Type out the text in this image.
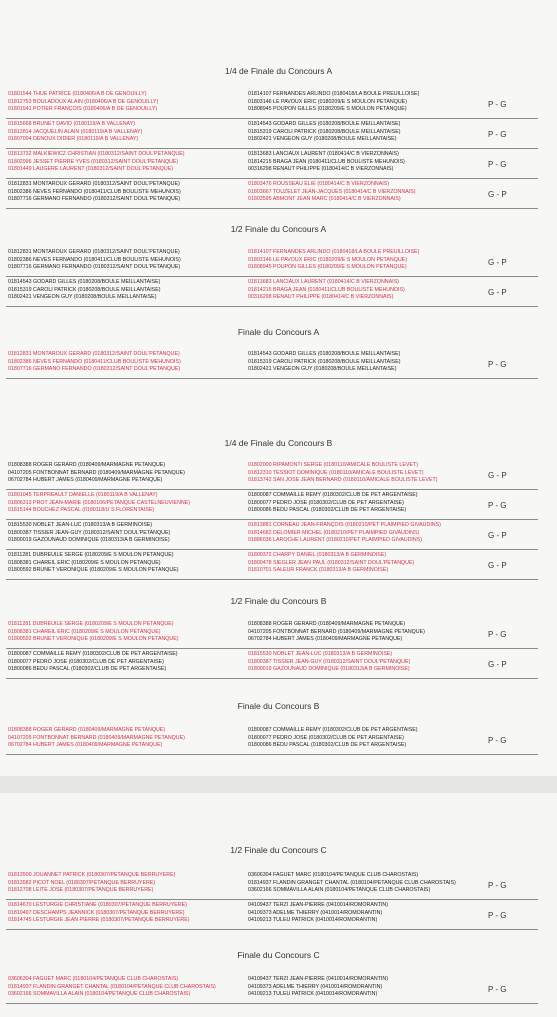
1/4 de Finale du Concours A
01801544 THUE PATRICE (0180406/A B DE GENOUILLY)
01812753 BOULADOUX ALAIN (0180406/A B DE GENOUILLY)
01801541 POTIER FRANÇOIS (0180406/A B DE GENOUILLY)
01814107 FERNANDES ARLINDO (0180418/LA BOULE PREUILLOISE)
01803146 LE PAVOUX ERIC (0180209/E S MOULON PETANQUE)
01808945 POUPON GILLES (0180209/E S MOULON PETANQUE)	P - G
01815668 BRUNET DAVID (0180119/A B VALLENAY)
01812814 JACQUELIN ALAIN (0180119/A B VALLENAY)
01807004 DENOUX DIDIER (0180119/A B VALLENAY)
01814543 GODARD GILLES (0180208/BOULE MEILLANTAISE)
01815319 CAROLI PATRICK (0180208/BOULE MEILLANTAISE)
01802421 VENGEON GUY (0180208/BOULE MEILLANTAISE)	P - G
01813732 MALKIEWICZ CHRISTIAN (0180312/SAINT DOUL'PETANQUE)
01802996 JESSET PIERRE YVES (0180312/SAINT DOUL'PETANQUE)
01801449 LAUGERE LAURENT (0180312/SAINT DOUL'PETANQUE)
01813683 LANCIAUX LAURENT (0180414/C B VIERZONNAIS)
01814215 BRAGA JEAN (0180411/CLUB BOULISTE MEHUNOIS)
00316298 RENAUT PHILIPPE (0180414/C B VIERZONNAIS)	P - G
01812831 MONTAROUX GÉRARD (0180312/SAINT DOUL'PETANQUE)
01802386 NEVES FERNANDO (0180411/CLUB BOULISTE MEHUNOIS)
01807716 GERMANO FERNANDO (0180312/SAINT DOUL'PETANQUE)
01803476 ROUSSEAU ELIE (0180414/C B VIERZONNAIS)
01803667 TOUZELET JEAN-JACQUES (0180414/C B VIERZONNAIS)
01803595 ABMONT JEAN MARC (0180414/C B VIERZONNAIS)	G - P
1/2 Finale du Concours A
01812831 MONTAROUX GÉRARD (0180312/SAINT DOUL'PETANQUE)
01802386 NEVES FERNANDO (0180411/CLUB BOULISTE MEHUNOIS)
01807716 GERMANO FERNANDO (0180312/SAINT DOUL'PETANQUE)
01814107 FERNANDES ARLINDO (0180418/LA BOULE PREUILLOISE)
01803146 LE PAVOUX ERIC (0180209/E S MOULON PETANQUE)
01808945 POUPON GILLES (0180209/E S MOULON PETANQUE)	G - P
01814543 GODARD GILLES (0180208/BOULE MEILLANTAISE)
01815319 CAROLI PATRICK (0180208/BOULE MEILLANTAISE)
01802421 VENGEON GUY (0180208/BOULE MEILLANTAISE)
01813683 LANCIAUX LAURENT (0180414/C B VIERZONNAIS)
01814215 BRAGA JEAN (0180411/CLUB BOULISTE MEHUNOIS)
00316298 RENAUT PHILIPPE (0180414/C B VIERZONNAIS)	G - P
Finale du Concours A
01812831 MONTAROUX GÉRARD (0180312/SAINT DOUL'PETANQUE)
01802386 NEVES FERNANDO (0180411/CLUB BOULISTE MEHUNOIS)
01807716 GERMANO FERNANDO (0180312/SAINT DOUL'PETANQUE)
01814543 GODARD GILLES (0180208/BOULE MEILLANTAISE)
01815319 CAROLI PATRICK (0180208/BOULE MEILLANTAISE)
01802421 VENGEON GUY (0180208/BOULE MEILLANTAISE)	P - G
1/4 de Finale du Concours B
01808388 ROGER GÉRARD (0180409/MARMAGNE PETANQUE)
04107205 FONTBONNAT BERNARD (0180409/MARMAGNE PETANQUE)
06702784 HUBERT JAMES (0180409/MARMAGNE PETANQUE)
01802000 RIPAMONTI SERGE (0180110/AMICALE BOULISTE LEVET)
01812310 TESSIOT DOMINIQUE (0180110/AMICALE BOULISTE LEVET)
01813742 SAN JOSE JEAN BERNARD (0180110/AMICALE BOULISTE LEVET)	G - P
01801045 TERPREAULT DANIELLE (0180119/A B VALLENAY)
01806313 PROT JEAN-MARIE (0180106/PETANQUE CASTELNEUVIENNE)
01815144 BOUCHEZ PASCAL (0180118/U S FLORENTAISE)
01800087 COMMAILLE RÉMY (0180302/CLUB DE PET ARGENTAISE)
01800077 PEDRO JOSÉ (0180302/CLUB DE PET ARGENTAISE)
01800086 BEDU PASCAL (0180302/CLUB DE PET ARGENTAISE)	P - G
01815530 NOBLET JEAN-LUC (0180313/A B GERMINOISE)
01800387 TISSIER JEAN-GUY (0180312/SAINT DOUL'PETANQUE)
01800019 GAZOUNAUD DOMINIQUE (0180313/A B GERMINOISE)
01813881 CORNEAU JEAN-FRANÇOIS (0180210/PET PLAIMPIED GIVAUDINS)
01814682 DELOMIER MICHEL (0180210/PET PLAIMPIED GIVAUDINS)
01886036 LAROCHE LAURENT (0180210/PET PLAIMPIED GIVAUDINS)	G - P
01811281 DUBREUILE SERGE (0180209/E S MOULON PETANQUE)
01808381 CHAREIL ERIC (0180209/E S MOULON PETANQUE)
01800592 BRUNET VÉRONIQUE (0180209/E S MOULON PETANQUE)
01800372 CHARPY DANIEL (0180313/A B GERMINOISE)
01800478 SIEGLER JEAN PAUL (0180312/SAINT DOUL'PETANQUE)
01810701 SALEUR FRANCK (0180313/A B GERMINOISE)	G - P
1/2 Finale du Concours B
01811281 DUBREUILE SERGE (0180209/E S MOULON PETANQUE)
01808381 CHAREIL ERIC (0180209/E S MOULON PETANQUE)
01800592 BRUNET VÉRONIQUE (0180209/E S MOULON PETANQUE)
01808388 ROGER GÉRARD (0180409/MARMAGNE PETANQUE)
04107205 FONTBONNAT BERNARD (0180409/MARMAGNE PETANQUE)
06702784 HUBERT JAMES (0180409/MARMAGNE PETANQUE)	P - G
01800087 COMMAILLE RÉMY (0180302/CLUB DE PET ARGENTAISE)
01800077 PEDRO JOSÉ (0180302/CLUB DE PET ARGENTAISE)
01800086 BEDU PASCAL (0180302/CLUB DE PET ARGENTAISE)
01815530 NOBLET JEAN-LUC (0180313/A B GERMINOISE)
01800387 TISSIER JEAN-GUY (0180312/SAINT DOUL'PETANQUE)
01800019 GAZOUNAUD DOMINIQUE (0180313/A B GERMINOISE)	G - P
Finale du Concours B
01808388 ROGER GÉRARD (0180409/MARMAGNE PETANQUE)
04107205 FONTBONNAT BERNARD (0180409/MARMAGNE PETANQUE)
06702784 HUBERT JAMES (0180409/MARMAGNE PETANQUE)
01800087 COMMAILLE RÉMY (0180302/CLUB DE PET ARGENTAISE)
01800077 PEDRO JOSÉ (0180302/CLUB DE PET ARGENTAISE)
01800086 BEDU PASCAL (0180302/CLUB DE PET ARGENTAISE)	P - G
1/2 Finale du Concours C
01813500 JOUANNET PATRICK (0180307/PETANQUE BERRUYERE)
01813582 PICOT NOËL (0180307/PETANQUE BERRUYERE)
01812708 LEITE JOSÉ (0180307/PETANQUE BERRUYERE)
03606304 FAGUET MARC (0180104/PETANQUE CLUB CHAROSTAIS)
01814937 FLANDIN GRANGET CHANTAL (0180104/PETANQUE CLUB CHAROSTAIS)
03602166 SOMMAVILLA ALAIN (0180104/PETANQUE CLUB CHAROSTAIS)	P - G
01814670 LESTURGIE CHRISTIANE (0180307/PETANQUE BERRUYERE)
01810497 DESCHAMPS JEANNICK (0180307/PETANQUE BERRUYERE)
01814745 LESTURGIE JEAN PIERRE (0180307/PETANQUE BERRUYERE)
04109437 TERZI JEAN-PIERRE (0410014/ROMORANTIN)
04109373 ADELME THIERRY (0410014/ROMORANTIN)
04109213 TULEU PATRICK (0410014/ROMORANTIN)	P - G
Finale du Concours C
03606304 FAGUET MARC (0180104/PETANQUE CLUB CHAROSTAIS)
01814937 FLANDIN GRANGET CHANTAL (0180104/PETANQUE CLUB CHAROSTAIS)
03602166 SOMMAVILLA ALAIN (0180104/PETANQUE CLUB CHAROSTAIS)
04109437 TERZI JEAN-PIERRE (0410014/ROMORANTIN)
04109373 ADELME THIERRY (0410014/ROMORANTIN)
04109213 TULEU PATRICK (0410014/ROMORANTIN)	P - G
